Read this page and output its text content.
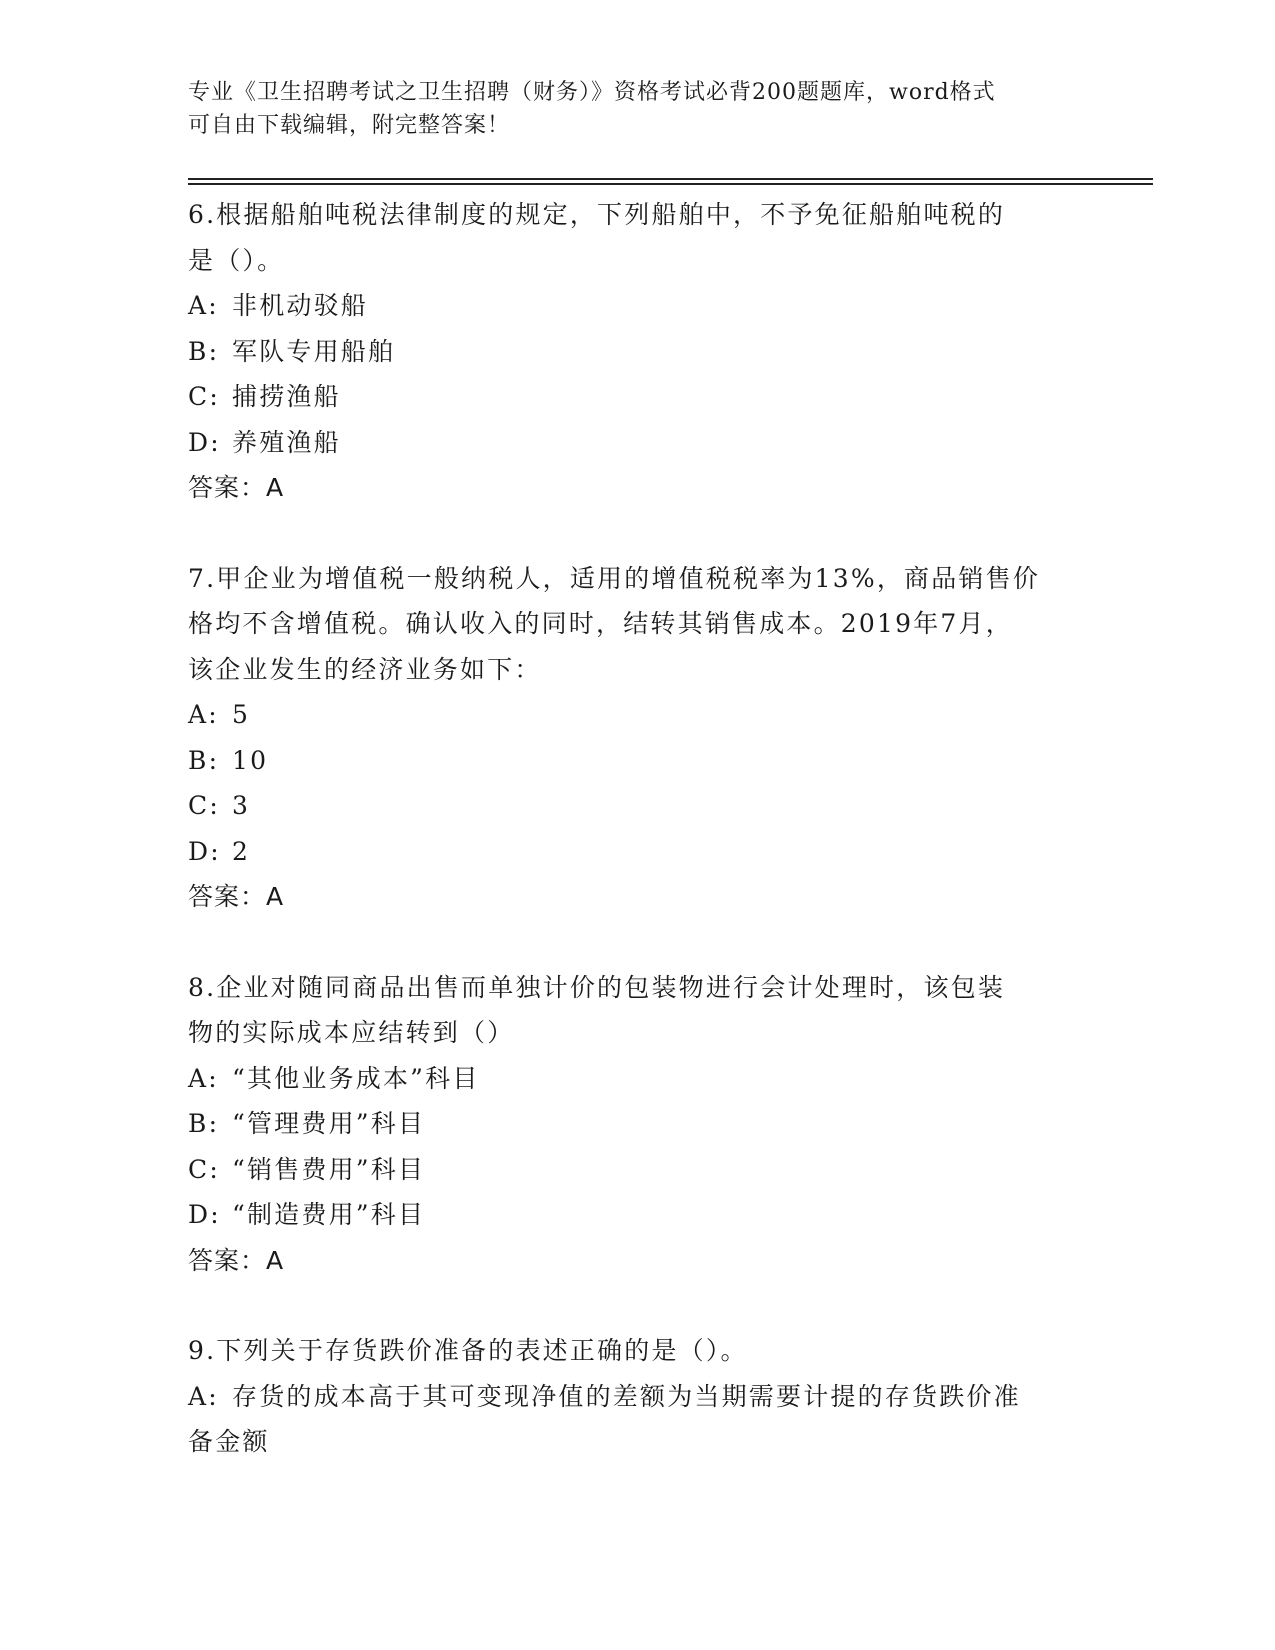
专业《卫生招聘考试之卫生招聘（财务）》资格考试必背200题题库，word格式
可自由下载编辑，附完整答案！
6.根据船舶吨税法律制度的规定，下列船舶中，不予免征船舶吨税的
是（）。
A: 非机动驳船
B: 军队专用船舶
C: 捕捞渔船
D: 养殖渔船
答案：A
7.甲企业为增值税一般纳税人，适用的增值税税率为13%，商品销售价
格均不含增值税。确认收入的同时，结转其销售成本。2019年7月，
该企业发生的经济业务如下：
A: 5
B: 10
C: 3
D: 2
答案：A
8.企业对随同商品出售而单独计价的包装物进行会计处理时，该包装
物的实际成本应结转到（）
A: “其他业务成本”科目
B: “管理费用”科目
C: “销售费用”科目
D: “制造费用”科目
答案：A
9.下列关于存货跌价准备的表述正确的是（）。
A: 存货的成本高于其可变现净值的差额为当期需要计提的存货跌价准
备金额
